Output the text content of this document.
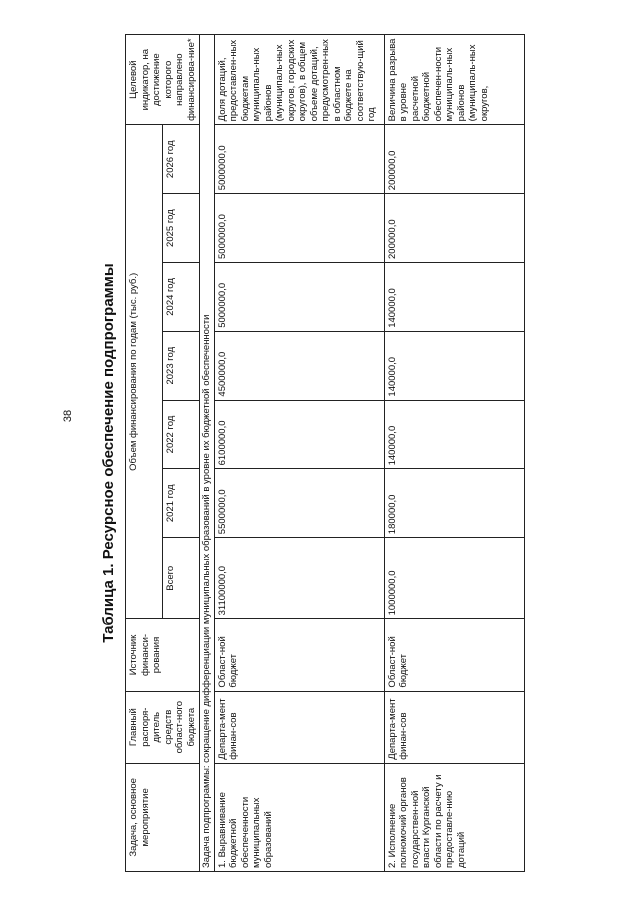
38	Таблица 1. Ресурсное обеспечение подпрограммы
Задача, основное мероприятие	Главный распоря-дитель средств област-ного бюджета	Источник финанси-рования	Объем финансирования по годам (тыс. руб.)							Целевой индикатор, на достижение которого направлено финансирова-ние*
			Всего	2021 год	2022 год	2023 год	2024 год	2025 год	2026 год	
Задача подпрограммы: сокращение дифференциации муниципальных образований в уровне их бюджетной обеспеченности										
1. Выравнивание бюджетной обеспеченности муниципальных образований	Департа-мент финан-сов	Област-ной бюджет	31100000,0	5500000,0	6100000,0	4500000,0	5000000,0	5000000,0	5000000,0	Доля дотаций, предоставлен-ных бюджетам муниципаль-ных районов (муниципаль-ных округов, городских округов), в общем объеме дотаций, предусмотрен-ных в областном бюджете на соответствую-щий год
2. Исполнение полномочий органов государствен-ной власти Курганской области по расчету и предоставле-нию дотаций	Департа-мент финан-сов	Област-ной бюджет	1000000,0	180000,0	140000,0	140000,0	140000,0	200000,0	200000,0	Величина разрыва в уровне расчетной бюджетной обеспечен-ности муниципаль-ных районов (муниципаль-ных округов,
